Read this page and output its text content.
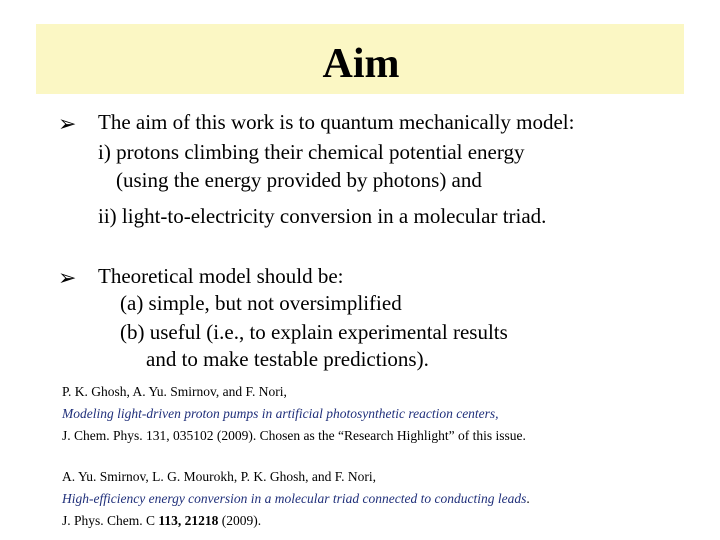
Aim
➢ The aim of this work is to quantum mechanically model:
i) protons climbing their chemical potential energy
(using the energy provided by photons) and
ii) light-to-electricity conversion in a molecular triad.
➢ Theoretical model should be:
(a) simple, but not oversimplified
(b) useful (i.e., to explain experimental results
and to make testable predictions).
P. K. Ghosh, A. Yu. Smirnov, and F. Nori,
Modeling light-driven proton pumps in artificial photosynthetic reaction centers,
J. Chem. Phys. 131, 035102 (2009). Chosen as the “Research Highlight” of this issue.
A. Yu. Smirnov, L. G. Mourokh, P. K. Ghosh, and F. Nori,
High-efficiency energy conversion in a molecular triad connected to conducting leads.
J. Phys. Chem. C 113, 21218 (2009).
